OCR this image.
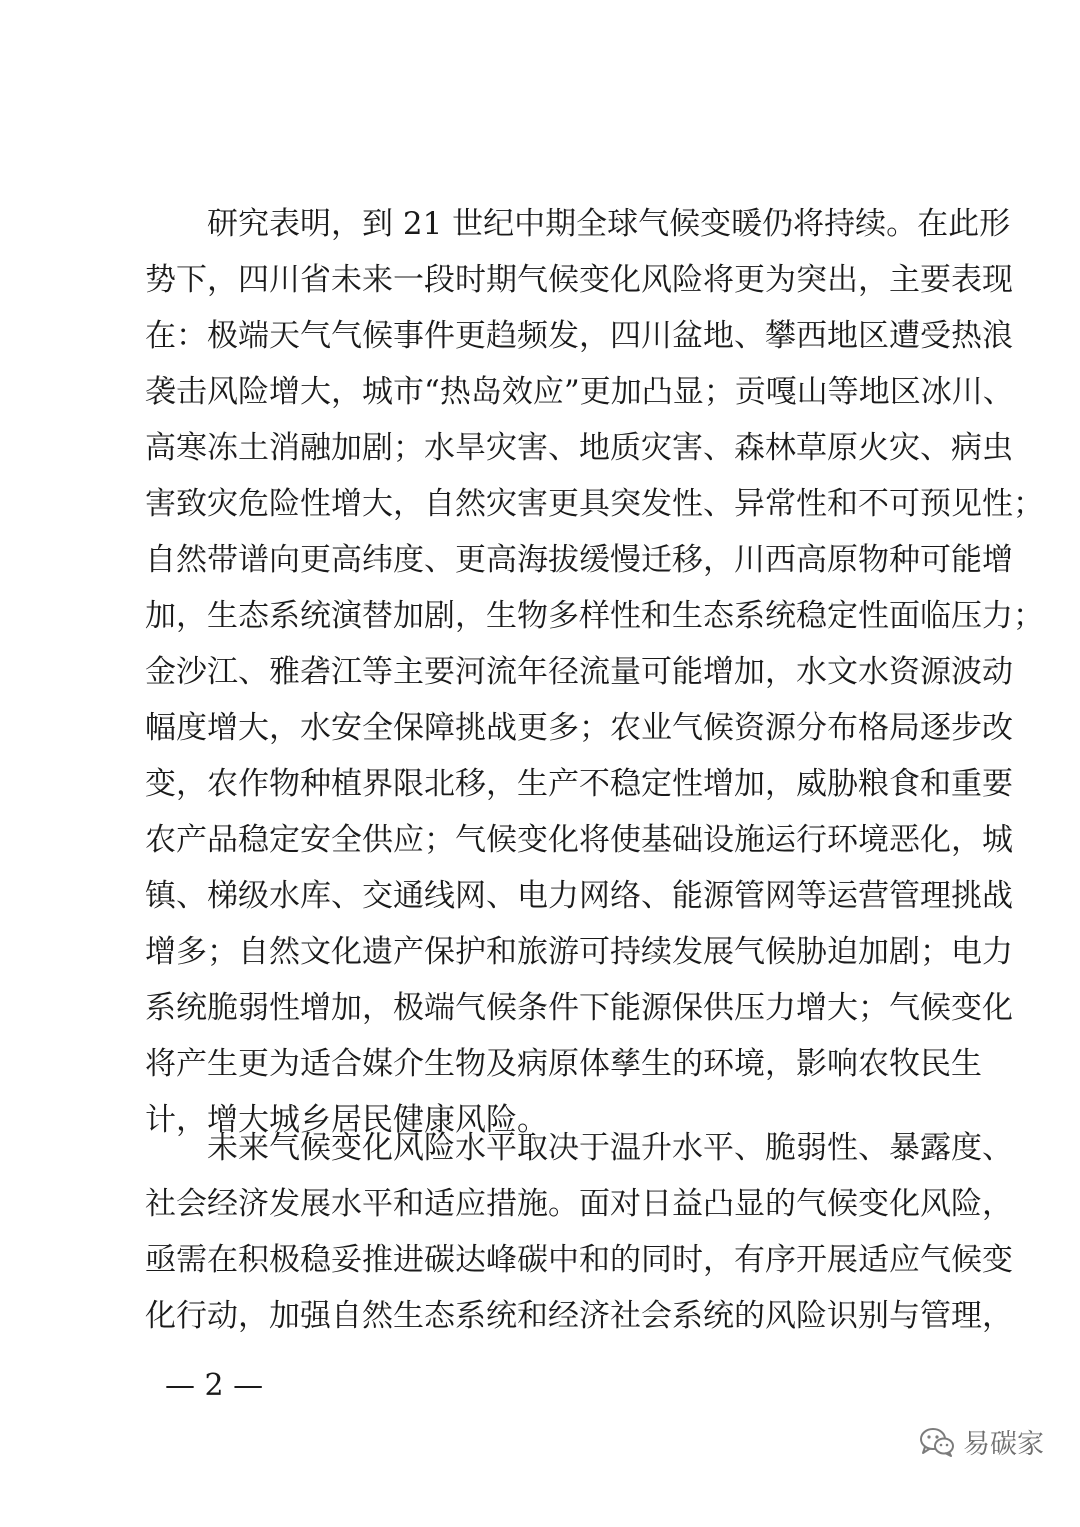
研究表明，到 21 世纪中期全球气候变暖仍将持续。在此形
势下，四川省未来一段时期气候变化风险将更为突出，主要表现
在：极端天气气候事件更趋频发，四川盆地、攀西地区遭受热浪
袭击风险增大，城市“热岛效应”更加凸显；贡嘎山等地区冰川、
高寒冻土消融加剧；水旱灾害、地质灾害、森林草原火灾、病虫
害致灾危险性增大，自然灾害更具突发性、异常性和不可预见性；
自然带谱向更高纬度、更高海拔缓慢迁移，川西高原物种可能增
加，生态系统演替加剧，生物多样性和生态系统稳定性面临压力；
金沙江、雅砻江等主要河流年径流量可能增加，水文水资源波动
幅度增大，水安全保障挑战更多；农业气候资源分布格局逐步改
变，农作物种植界限北移，生产不稳定性增加，威胁粮食和重要
农产品稳定安全供应；气候变化将使基础设施运行环境恶化，城
镇、梯级水库、交通线网、电力网络、能源管网等运营管理挑战
增多；自然文化遗产保护和旅游可持续发展气候胁迫加剧；电力
系统脆弱性增加，极端气候条件下能源保供压力增大；气候变化
将产生更为适合媒介生物及病原体孳生的环境，影响农牧民生
计，增大城乡居民健康风险。
未来气候变化风险水平取决于温升水平、脆弱性、暴露度、
社会经济发展水平和适应措施。面对日益凸显的气候变化风险，
亟需在积极稳妥推进碳达峰碳中和的同时，有序开展适应气候变
化行动，加强自然生态系统和经济社会系统的风险识别与管理，
— 2 —
易碳家
